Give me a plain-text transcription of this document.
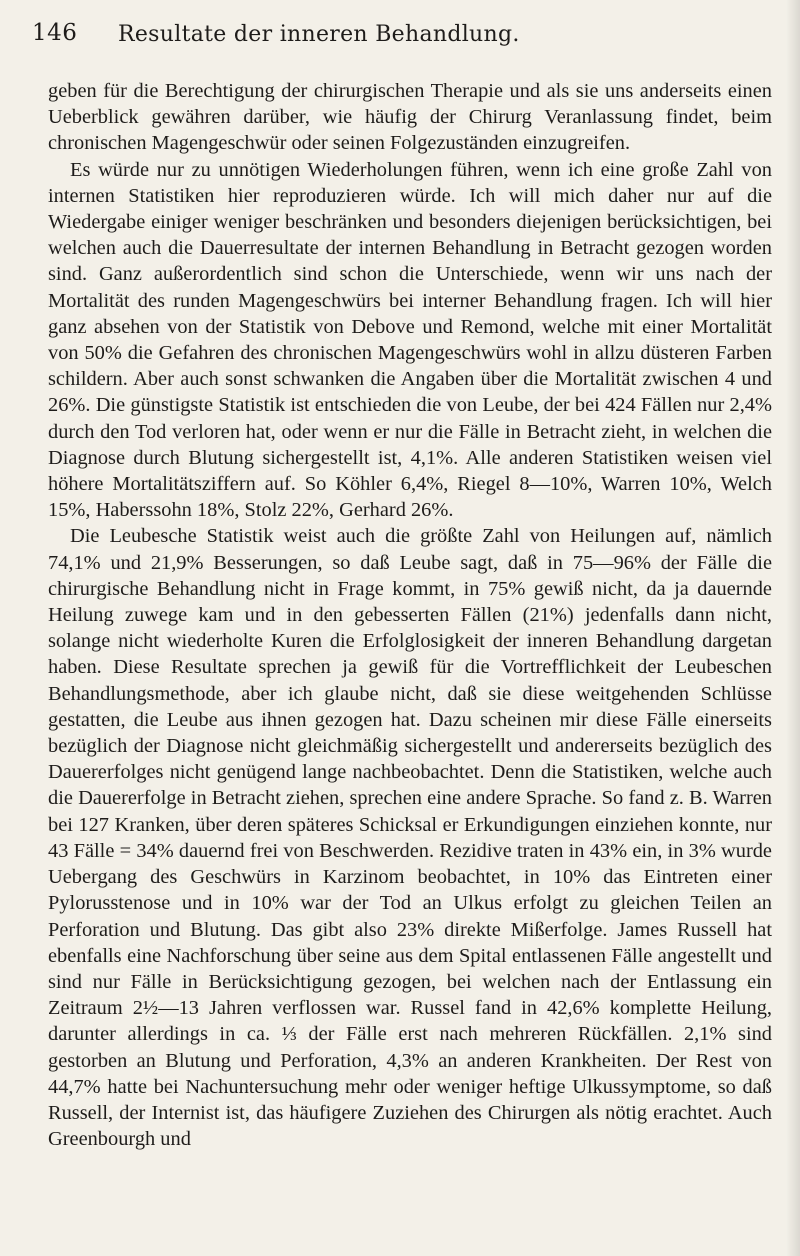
146 Resultate der inneren Behandlung.

geben für die Berechtigung der chirurgischen Therapie und als sie uns anderseits einen Ueberblick gewähren darüber, wie häufig der Chirurg Veranlassung findet, beim chronischen Magengeschwür oder seinen Folgezuständen einzugreifen.

Es würde nur zu unnötigen Wiederholungen führen, wenn ich eine große Zahl von internen Statistiken hier reproduzieren würde. Ich will mich daher nur auf die Wiedergabe einiger weniger beschränken und besonders diejenigen berücksichtigen, bei welchen auch die Dauerresultate der internen Behandlung in Betracht gezogen worden sind. Ganz außerordentlich sind schon die Unterschiede, wenn wir uns nach der Mortalität des runden Magengeschwürs bei interner Behandlung fragen. Ich will hier ganz absehen von der Statistik von Debove und Remond, welche mit einer Mortalität von 50% die Gefahren des chronischen Magengeschwürs wohl in allzu düsteren Farben schildern. Aber auch sonst schwanken die Angaben über die Mortalität zwischen 4 und 26%. Die günstigste Statistik ist entschieden die von Leube, der bei 424 Fällen nur 2,4% durch den Tod verloren hat, oder wenn er nur die Fälle in Betracht zieht, in welchen die Diagnose durch Blutung sichergestellt ist, 4,1%. Alle anderen Statistiken weisen viel höhere Mortalitätsziffern auf. So Köhler 6,4%, Riegel 8—10%, Warren 10%, Welch 15%, Haberssohn 18%, Stolz 22%, Gerhard 26%.

Die Leubesche Statistik weist auch die größte Zahl von Heilungen auf, nämlich 74,1% und 21,9% Besserungen, so daß Leube sagt, daß in 75—96% der Fälle die chirurgische Behandlung nicht in Frage kommt, in 75% gewiß nicht, da ja dauernde Heilung zuwege kam und in den gebesserten Fällen (21%) jedenfalls dann nicht, solange nicht wiederholte Kuren die Erfolglosigkeit der inneren Behandlung dargetan haben. Diese Resultate sprechen ja gewiß für die Vortrefflichkeit der Leubeschen Behandlungsmethode, aber ich glaube nicht, daß sie diese weitgehenden Schlüsse gestatten, die Leube aus ihnen gezogen hat. Dazu scheinen mir diese Fälle einerseits bezüglich der Diagnose nicht gleichmäßig sichergestellt und andererseits bezüglich des Dauererfolges nicht genügend lange nachbeobachtet. Denn die Statistiken, welche auch die Dauererfolge in Betracht ziehen, sprechen eine andere Sprache. So fand z. B. Warren bei 127 Kranken, über deren späteres Schicksal er Erkundigungen einziehen konnte, nur 43 Fälle = 34% dauernd frei von Beschwerden. Rezidive traten in 43% ein, in 3% wurde Uebergang des Geschwürs in Karzinom beobachtet, in 10% das Eintreten einer Pylorusstenose und in 10% war der Tod an Ulkus erfolgt zu gleichen Teilen an Perforation und Blutung. Das gibt also 23% direkte Mißerfolge. James Russell hat ebenfalls eine Nachforschung über seine aus dem Spital entlassenen Fälle angestellt und sind nur Fälle in Berücksichtigung gezogen, bei welchen nach der Entlassung ein Zeitraum 2½—13 Jahren verflossen war. Russel fand in 42,6% komplette Heilung, darunter allerdings in ca. ⅓ der Fälle erst nach mehreren Rückfällen. 2,1% sind gestorben an Blutung und Perforation, 4,3% an anderen Krankheiten. Der Rest von 44,7% hatte bei Nachuntersuchung mehr oder weniger heftige Ulkussymptome, so daß Russell, der Internist ist, das häufigere Zuziehen des Chirurgen als nötig erachtet. Auch Greenbourgh und
